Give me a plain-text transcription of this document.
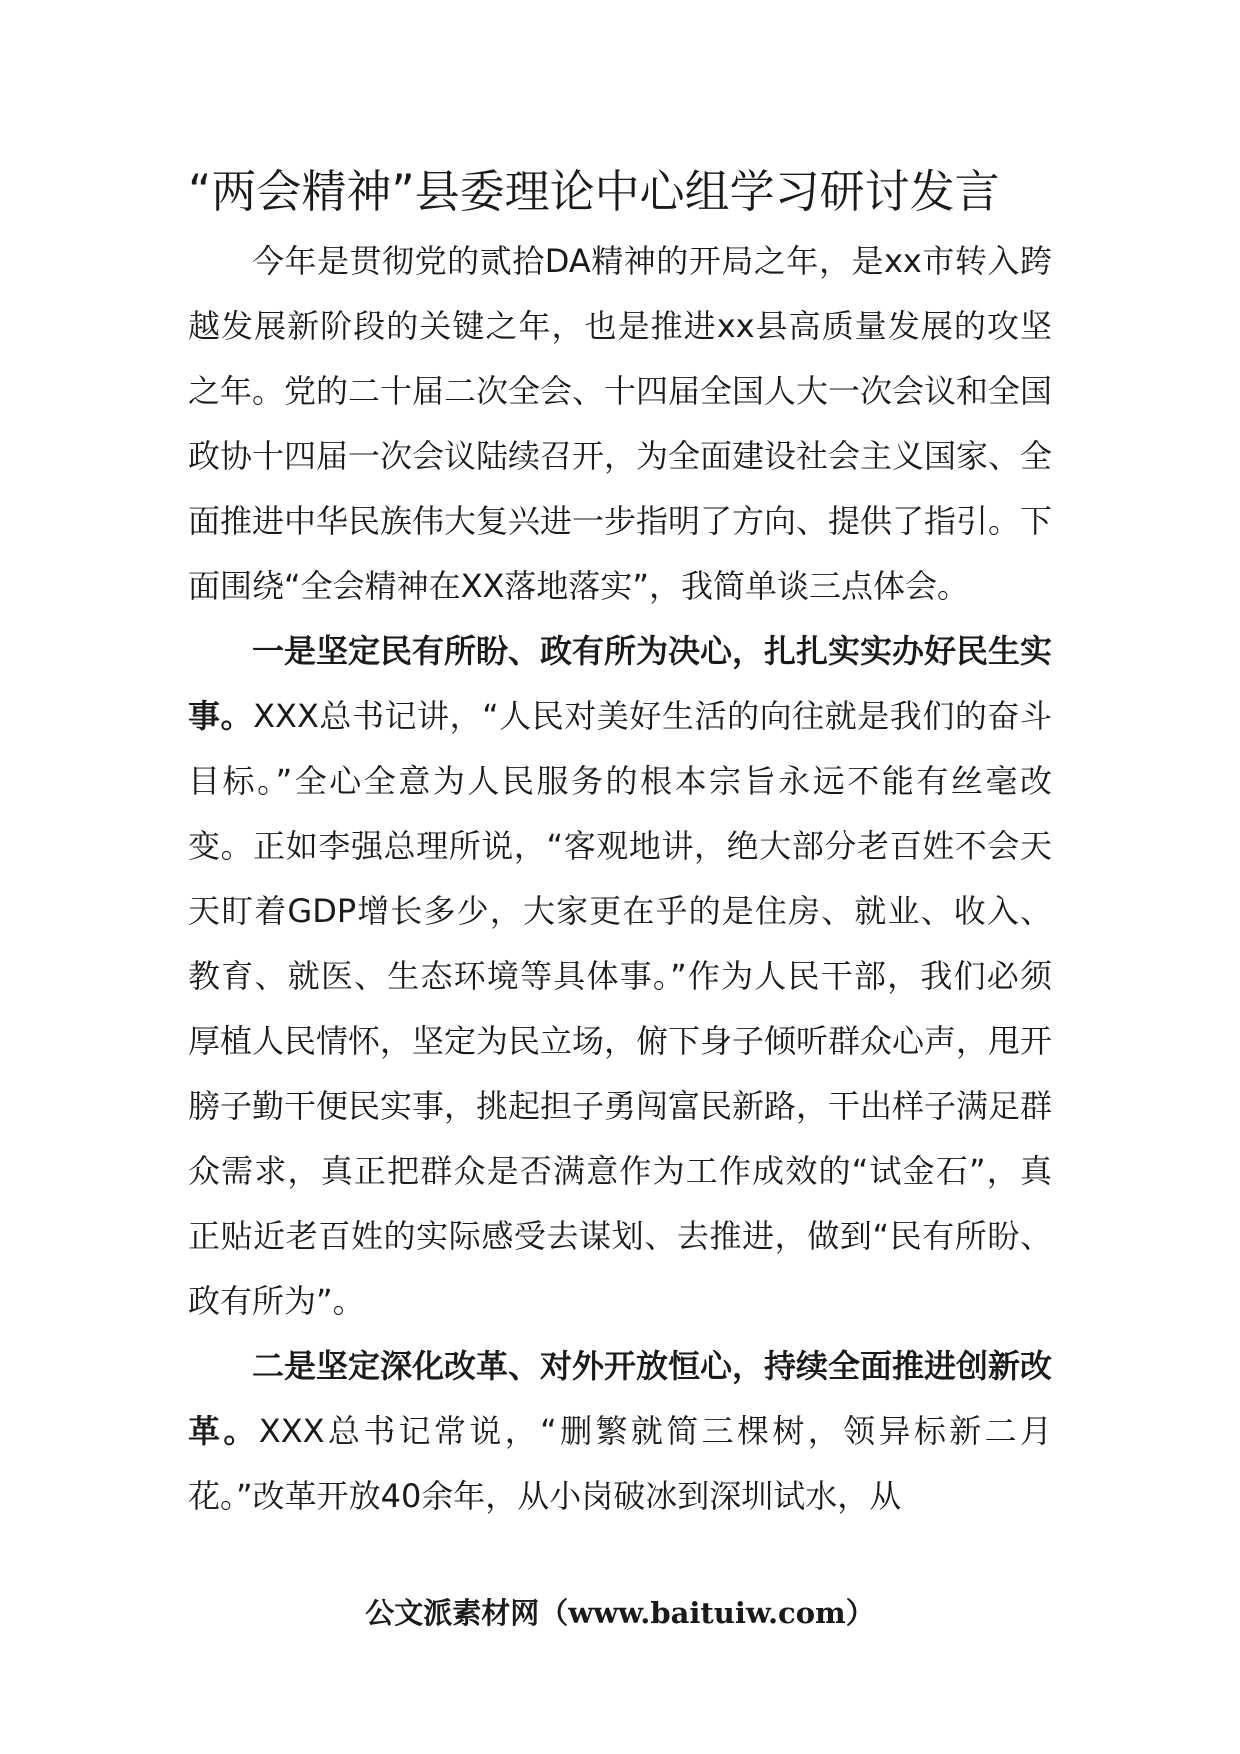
“两会精神”县委理论中心组学习研讨发言

今年是贯彻党的贰拾DA精神的开局之年，是xx市转入跨越发展新阶段的关键之年，也是推进xx县高质量发展的攻坚之年。党的二十届二次全会、十四届全国人大一次会议和全国政协十四届一次会议陆续召开，为全面建设社会主义国家、全面推进中华民族伟大复兴进一步指明了方向、提供了指引。下面围绕“全会精神在XX落地落实”，我简单谈三点体会。

一是坚定民有所盼、政有所为决心，扎扎实实办好民生实事。XXX总书记讲，“人民对美好生活的向往就是我们的奋斗目标。”全心全意为人民服务的根本宗旨永远不能有丝毫改变。正如李强总理所说，“客观地讲，绝大部分老百姓不会天天盯着GDP增长多少，大家更在乎的是住房、就业、收入、教育、就医、生态环境等具体事。”作为人民干部，我们必须厚植人民情怀，坚定为民立场，俯下身子倾听群众心声，甩开膀子勤干便民实事，挑起担子勇闯富民新路，干出样子满足群众需求，真正把群众是否满意作为工作成效的“试金石”，真正贴近老百姓的实际感受去谋划、去推进，做到“民有所盼、政有所为”。

二是坚定深化改革、对外开放恒心，持续全面推进创新改革。XXX总书记常说，“删繁就简三棵树，领异标新二月花。”改革开放40余年，从小岗破冰到深圳试水，从

公文派素材网（www.baituiw.com）
